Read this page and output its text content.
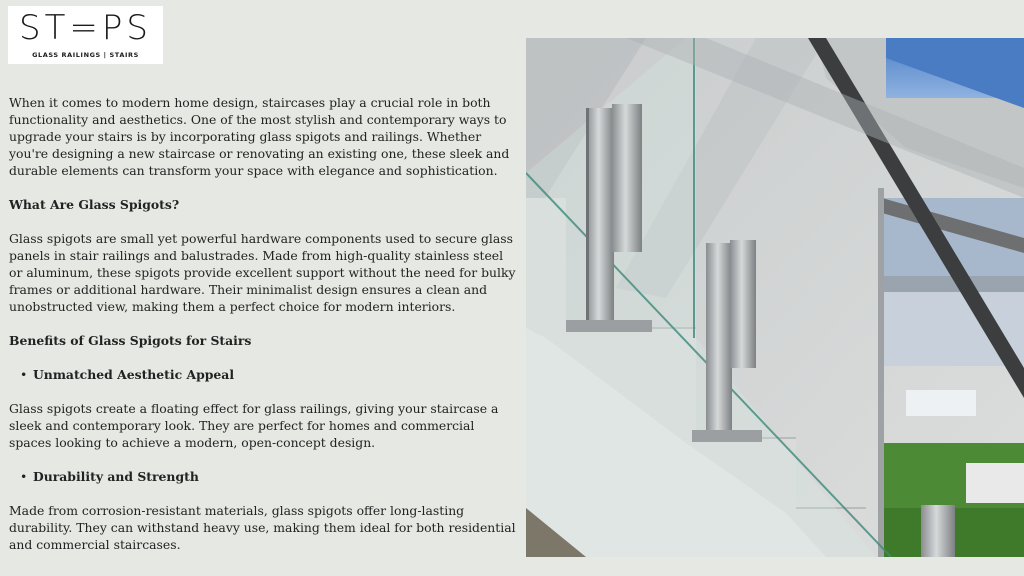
ST=PS
GLASS RAILINGS | STAIRS

When it comes to modern home design, staircases play a crucial role in both functionality and aesthetics. One of the most stylish and contemporary ways to upgrade your stairs is by incorporating glass spigots and railings. Whether you're designing a new staircase or renovating an existing one, these sleek and durable elements can transform your space with elegance and sophistication.

What Are Glass Spigots?

Glass spigots are small yet powerful hardware components used to secure glass panels in stair railings and balustrades. Made from high-quality stainless steel or aluminum, these spigots provide excellent support without the need for bulky frames or additional hardware. Their minimalist design ensures a clean and unobstructed view, making them a perfect choice for modern interiors.

Benefits of Glass Spigots for Stairs
• Unmatched Aesthetic Appeal

Glass spigots create a floating effect for glass railings, giving your staircase a sleek and contemporary look. They are perfect for homes and commercial spaces looking to achieve a modern, open-concept design.

• Durability and Strength

Made from corrosion-resistant materials, glass spigots offer long-lasting durability. They can withstand heavy use, making them ideal for both residential and commercial staircases.
